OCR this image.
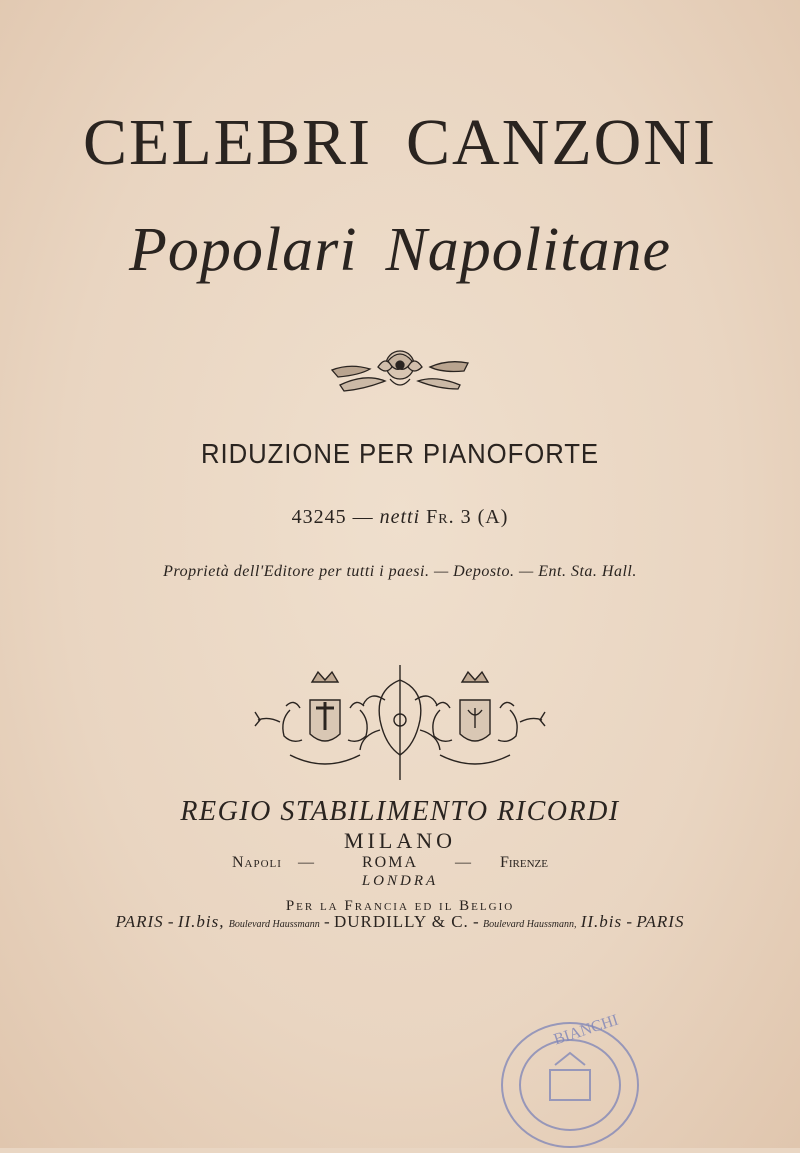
CELEBRI CANZONI
Popolari Napolitane
RIDUZIONE PER PIANOFORTE
43245 — netti Fr. 3 (A)
Proprietà dell'Editore per tutti i paesi. — Deposto. — Ent. Sta. Hall.
REGIO STABILIMENTO RICORDI
MILANO
Napoli —	ROMA — Firenze
LONDRA
Per la Francia ed il Belgio
PARIS - II.bis, Boulevard Haussmann - DURDILLY & C. - Boulevard Haussmann, II.bis - PARIS
BIANCHI
